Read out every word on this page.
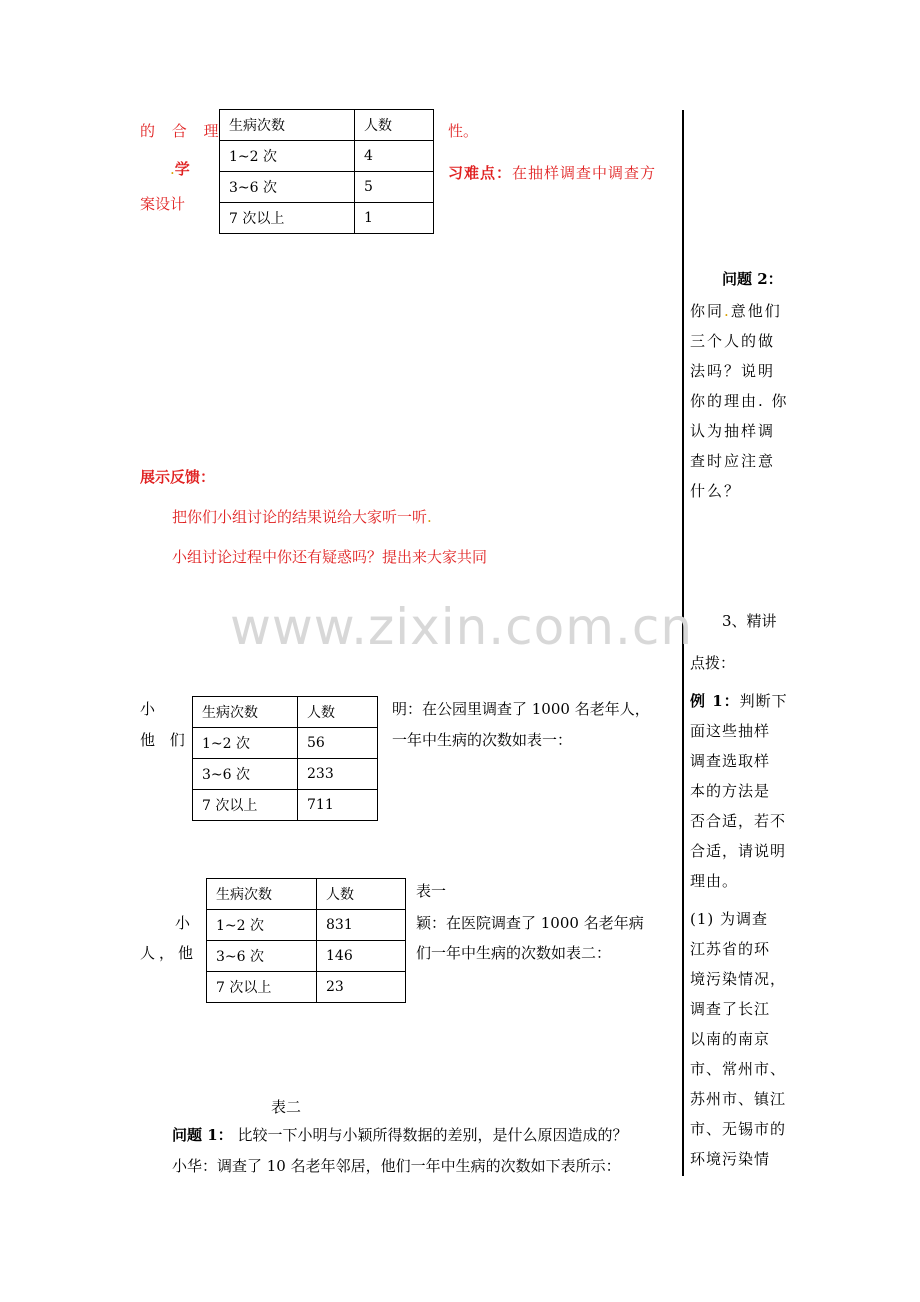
的 合 理
.学
案设计
生病次数	人数
1~2 次	4
3~6 次	5
7 次以上	1
性。
习难点：在抽样调查中调查方
问题 2：
你同.意他们
三个人的做
法吗？说明
你的理由. 你
认为抽样调
查时应注意
什么？
3、精讲
点拨：
例 1：判断下
面这些抽样
调查选取样
本的方法是
否合适，若不
合适，请说明
理由。
(1) 为调查
江苏省的环
境污染情况，
调查了长江
以南的南京
市、常州市、
苏州市、镇江
市、无锡市的
环境污染情
展示反馈：
把你们小组讨论的结果说给大家听一听.
小组讨论过程中你还有疑惑吗？提出来大家共同
www.zixin.com.cn
小
他 们
生病次数	人数
1~2 次	56
3~6 次	233
7 次以上	711
明：在公园里调查了 1000 名老年人，
一年中生病的次数如表一：
表一
小
人，他
生病次数	人数
1~2 次	831
3~6 次	146
7 次以上	23
颖：在医院调查了 1000 名老年病
们一年中生病的次数如表二：
表二
问题 1： 比较一下小明与小颖所得数据的差别，是什么原因造成的？
小华：调查了 10 名老年邻居，他们一年中生病的次数如下表所示：
